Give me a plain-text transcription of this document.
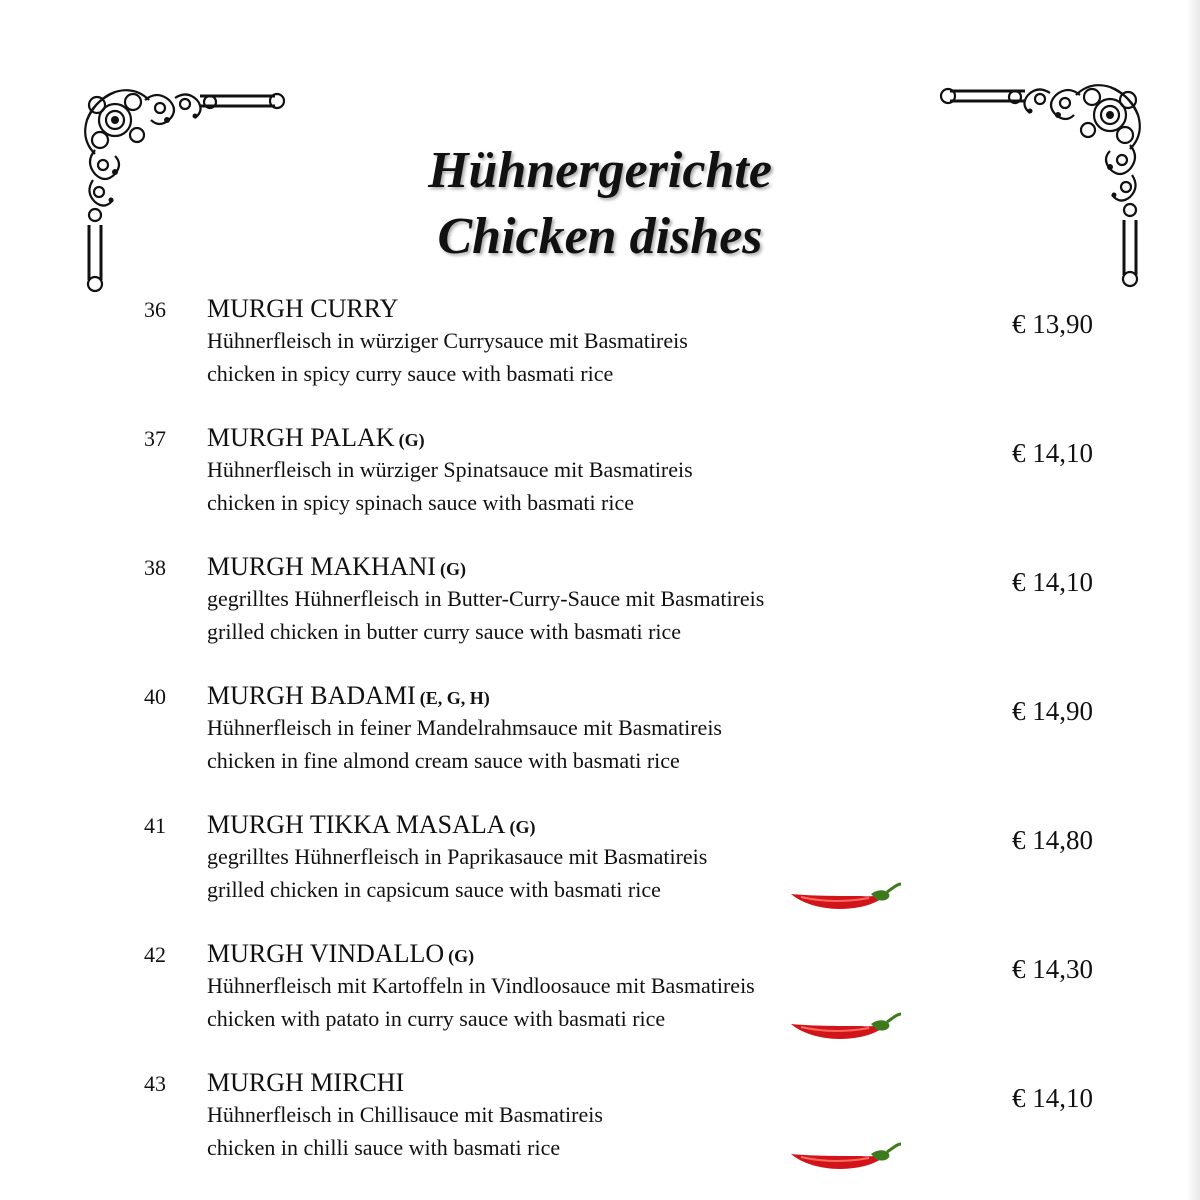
Hühnergerichte
Chicken dishes
36 MURGH CURRY
Hühnerfleisch in würziger Currysauce mit Basmatireis
chicken in spicy curry sauce with basmati rice
€ 13,90
37 MURGH PALAK (G)
Hühnerfleisch in würziger Spinatsauce mit Basmatireis
chicken in spicy spinach sauce with basmati rice
€ 14,10
38 MURGH MAKHANI (G)
gegrilltes Hühnerfleisch in Butter-Curry-Sauce mit Basmatireis
grilled chicken in butter curry sauce with basmati rice
€ 14,10
40 MURGH BADAMI (E, G, H)
Hühnerfleisch in feiner Mandelrahmsauce mit Basmatireis
chicken in fine almond cream sauce with basmati rice
€ 14,90
41 MURGH TIKKA MASALA (G)
gegrilltes Hühnerfleisch in Paprikasauce mit Basmatireis
grilled chicken in capsicum sauce with basmati rice
€ 14,80
42 MURGH VINDALLO (G)
Hühnerfleisch mit Kartoffeln in Vindloosauce mit Basmatireis
chicken with patato in curry sauce with basmati rice
€ 14,30
43 MURGH MIRCHI
Hühnerfleisch in Chillisauce mit Basmatireis
chicken in chilli sauce with basmati rice
€ 14,10
